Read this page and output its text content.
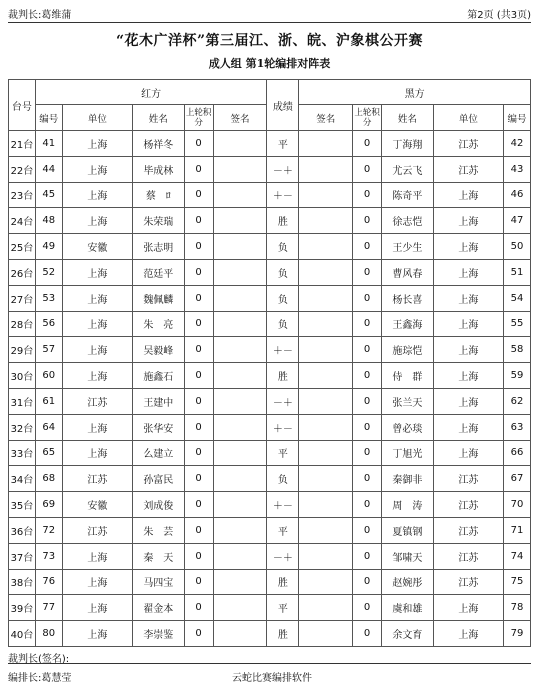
裁判长:葛维蒲	第2页 (共3页)
“花木广洋杯”第三届江、浙、皖、沪象棋公开赛
成人组 第1轮编排对阵表
台号	红方					成绩	黑方				
	编号	单位	姓名	上轮积分	签名		签名	上轮积分	姓名	单位	编号
21台	41	上海	杨祥冬	0		平		0	丁海翔	江苏	42
22台	44	上海	毕成林	0		－＋		0	尤云飞	江苏	43
23台	45	上海	蔡　ﾛ	0		＋－		0	陈奇平	上海	46
24台	48	上海	朱荣瑞	0		胜		0	徐志恺	上海	47
25台	49	安徽	张志明	0		负		0	王少生	上海	50
26台	52	上海	范廷平	0		负		0	曹风春	上海	51
27台	53	上海	魏佩麟	0		负		0	杨长喜	上海	54
28台	56	上海	朱　亮	0		负		0	王鑫海	上海	55
29台	57	上海	吴毅峰	0		＋－		0	施琮恺	上海	58
30台	60	上海	施鑫石	0		胜		0	侍　群	上海	59
31台	61	江苏	王建中	0		－＋		0	张兰天	上海	62
32台	64	上海	张华安	0		＋－		0	曾必琰	上海	63
33台	65	上海	么建立	0		平		0	丁旭光	上海	66
34台	68	江苏	孙富民	0		负		0	秦御非	江苏	67
35台	69	安徽	刘成俊	0		＋－		0	周　涛	江苏	70
36台	72	江苏	朱　芸	0		平		0	夏镇钢	江苏	71
37台	73	上海	秦　天	0		－＋		0	邹啸天	江苏	74
38台	76	上海	马四宝	0		胜		0	赵婉彤	江苏	75
39台	77	上海	翟金本	0		平		0	虞和雄	上海	78
40台	80	上海	李崇鉴	0		胜		0	余文育	上海	79
裁判长(签名):
编排长:葛慧莹	云蛇比赛编排软件
